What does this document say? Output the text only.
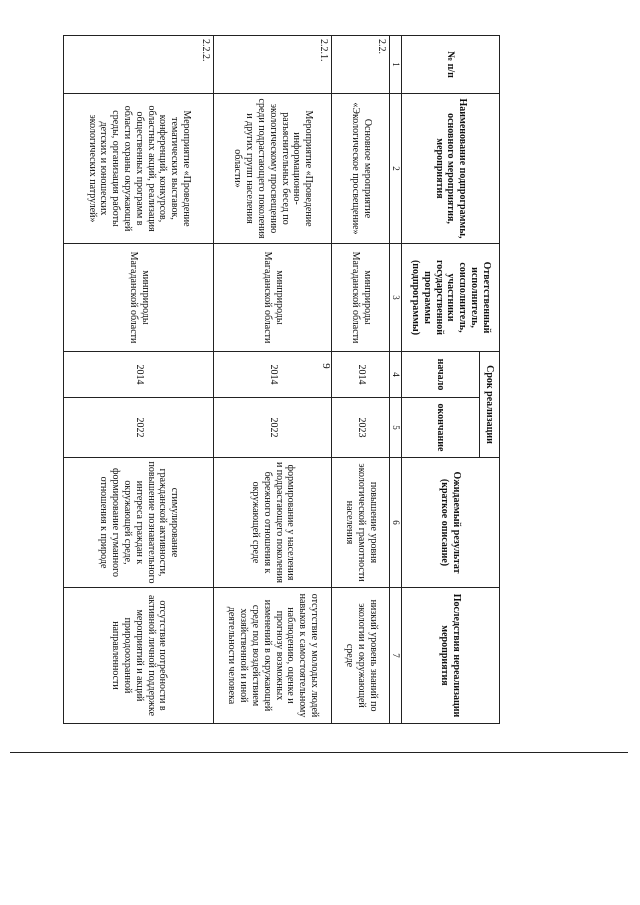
9
№ п/п	Наименование подпрограммы, основного мероприятия, мероприятия	Ответственный исполнитель, соисполнитель, участники государственной программы (подпрограммы)	Срок реализации		Ожидаемый результат (краткое описание)	Последствия нереализации мероприятия
			начало	окончание		
1	2	3	4	5	6	7
2.2.	Основное мероприятие «Экологическое просвещение»	минприроды Магаданской области	2014	2023	повышение уровня экологической грамотности населения	низкий уровень знаний по экологии и окружающей среде
2.2.1.	Мероприятие «Проведение информационно-разъяснительных бесед по экологическому просвещению среди подрастающего поколения и других групп населения области»	минприроды Магаданской области	2014	2022	формирование у населения и подрастающего поколения бережного отношения к окружающей среде	отсутствие у молодых людей навыков к самостоятельному наблюдению, оценке и прогнозу возможных изменений в окружающей среде под воздействием хозяйственной и иной деятельности человека
2.2.2.	Мероприятие «Проведение тематических выставок, конференций, конкурсов, областных акций, реализация общественных программ в области охраны окружающей среды, организация работы детских и юношеских экологических патрулей»	минприроды Магаданской области	2014	2022	стимулирование гражданской активности, повышение познавательного интереса граждан к окружающей среде, формирование гуманного отношения к природе	отсутствие потребности в активной личной поддержке мероприятий и акций природоохранной направленности
